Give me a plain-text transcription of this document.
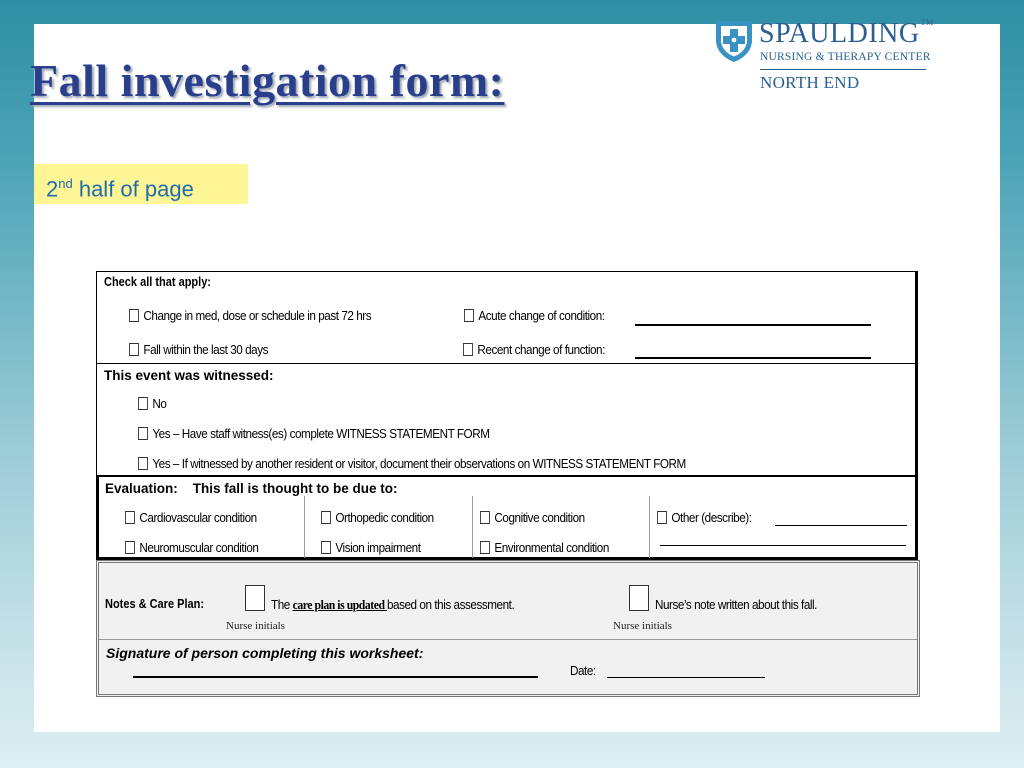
Fall investigation form:
SPAULDING™
NURSING & THERAPY CENTER
NORTH END
2nd half of page
Check all that apply:
Change in med, dose or schedule in past 72 hrs	Acute change of condition:
Fall within the last 30 days	Recent change of function:
This event was witnessed:
No
Yes – Have staff witness(es) complete WITNESS STATEMENT FORM
Yes – If witnessed by another resident or visitor, document their observations on WITNESS STATEMENT FORM
Evaluation:    This fall is thought to be due to:
Cardiovascular condition	Orthopedic condition	Cognitive condition	Other (describe):
Neuromuscular condition	Vision impairment	Environmental condition
Notes & Care Plan:	The care plan is updated based on this assessment.	Nurse’s note written about this fall.
Nurse initials	Nurse initials
Signature of person completing this worksheet:
Date:
